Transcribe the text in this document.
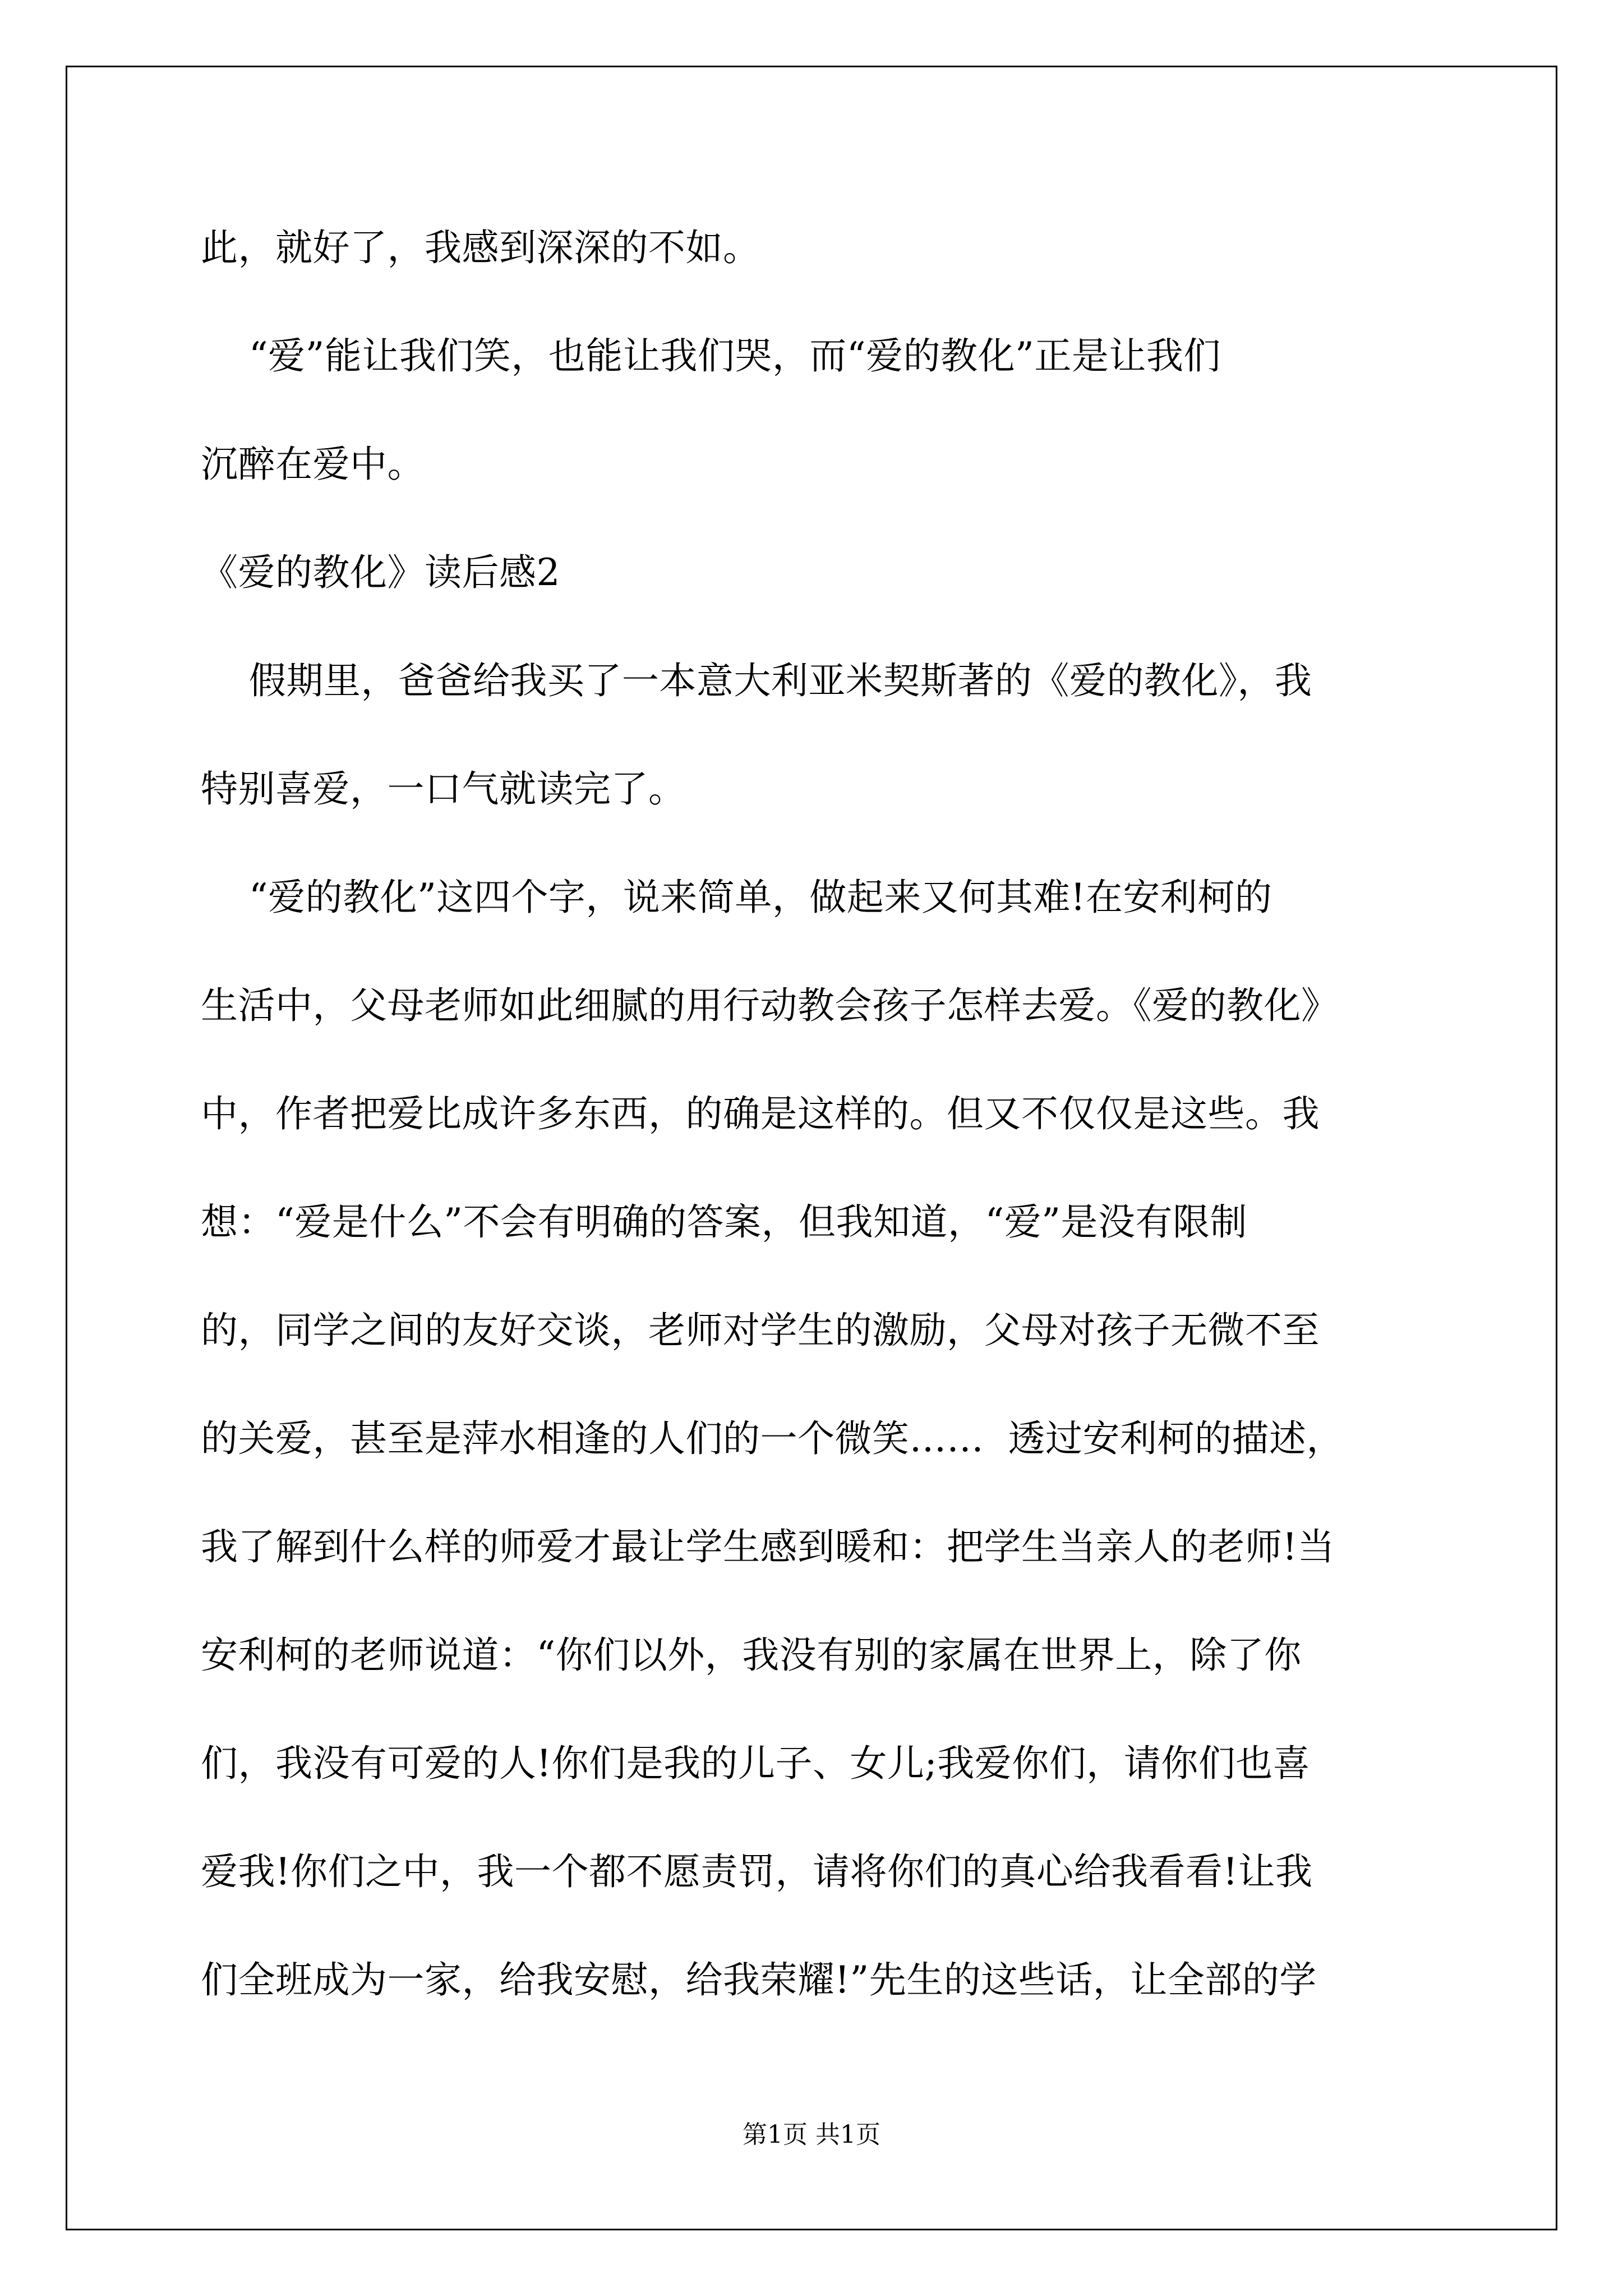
此，就好了，我感到深深的不如。
“爱”能让我们笑，也能让我们哭，而“爱的教化”正是让我们
沉醉在爱中。
《爱的教化》读后感2
假期里，爸爸给我买了一本意大利亚米契斯著的《爱的教化》，我
特别喜爱，一口气就读完了。
“爱的教化”这四个字，说来简单，做起来又何其难!在安利柯的
生活中，父母老师如此细腻的用行动教会孩子怎样去爱。《爱的教化》
中，作者把爱比成许多东西，的确是这样的。但又不仅仅是这些。我
想：“爱是什么”不会有明确的答案，但我知道，“爱”是没有限制
的，同学之间的友好交谈，老师对学生的激励，父母对孩子无微不至
的关爱，甚至是萍水相逢的人们的一个微笑……  透过安利柯的描述，
我了解到什么样的师爱才最让学生感到暖和：把学生当亲人的老师!当
安利柯的老师说道：“你们以外，我没有别的家属在世界上，除了你
们，我没有可爱的人!你们是我的儿子、女儿;我爱你们，请你们也喜
爱我!你们之中，我一个都不愿责罚，请将你们的真心给我看看!让我
们全班成为一家，给我安慰，给我荣耀!”先生的这些话，让全部的学
第1页 共1页
